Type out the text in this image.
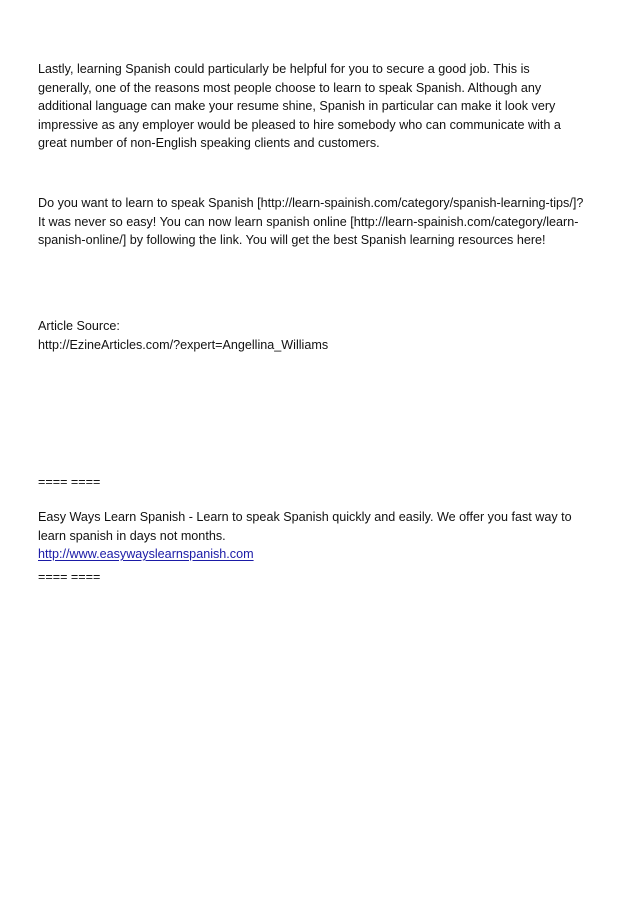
Lastly, learning Spanish could particularly be helpful for you to secure a good job. This is
generally, one of the reasons most people choose to learn to speak Spanish. Although any
additional language can make your resume shine, Spanish in particular can make it look very
impressive as any employer would be pleased to hire somebody who can communicate with a
great number of non-English speaking clients and customers.
Do you want to learn to speak Spanish [http://learn-spainish.com/category/spanish-learning-tips/]?
It was never so easy! You can now learn spanish online [http://learn-spainish.com/category/learn-
spanish-online/] by following the link. You will get the best Spanish learning resources here!
Article Source:
http://EzineArticles.com/?expert=Angellina_Williams
==== ====
Easy Ways Learn Spanish - Learn to speak Spanish quickly and easily. We offer you fast way to
learn spanish in days not months.
http://www.easywayslearnspanish.com
==== ====
